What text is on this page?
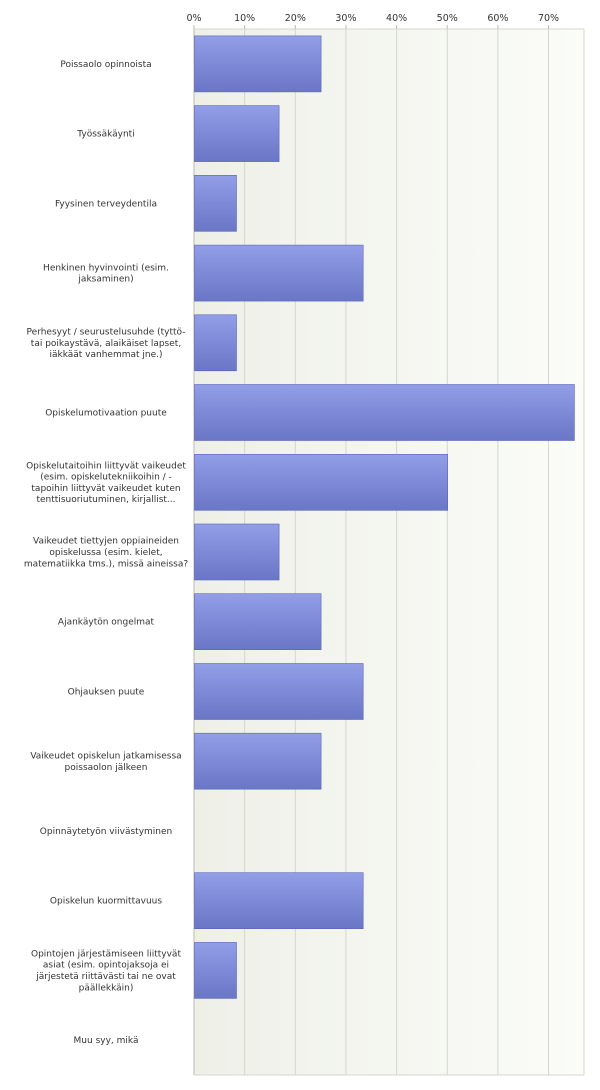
0%	10%	20%	30%	40%	50%	60%	70%
Poissaolo opinnoista
Työssäkäynti
Fyysinen terveydentila
Henkinen hyvinvointi (esim. jaksaminen)
Perhesyyt / seurustelusuhde (tyttö-tai poikaystävä, alaikäiset lapset, iäkkäät vanhemmat jne.)
Opiskelumotivaation puute
Opiskelutaitoihin liittyvät vaikeudet (esim. opiskelutekniikoihin / -tapoihin liittyvät vaikeudet kuten tenttisuoriutuminen, kirjallist...
Vaikeudet tiettyjen oppiaineiden opiskelussa (esim. kielet, matematiikka tms.), missä aineissa?
Ajankäytön ongelmat
Ohjauksen puute
Vaikeudet opiskelun jatkamisessa poissaolon jälkeen
Opinnäytetyön viivästyminen
Opiskelun kuormittavuus
Opintojen järjestämiseen liittyvät asiat (esim. opintojaksoja ei järjestetä riittävästi tai ne ovat päällekkäin)
Muu syy, mikä
